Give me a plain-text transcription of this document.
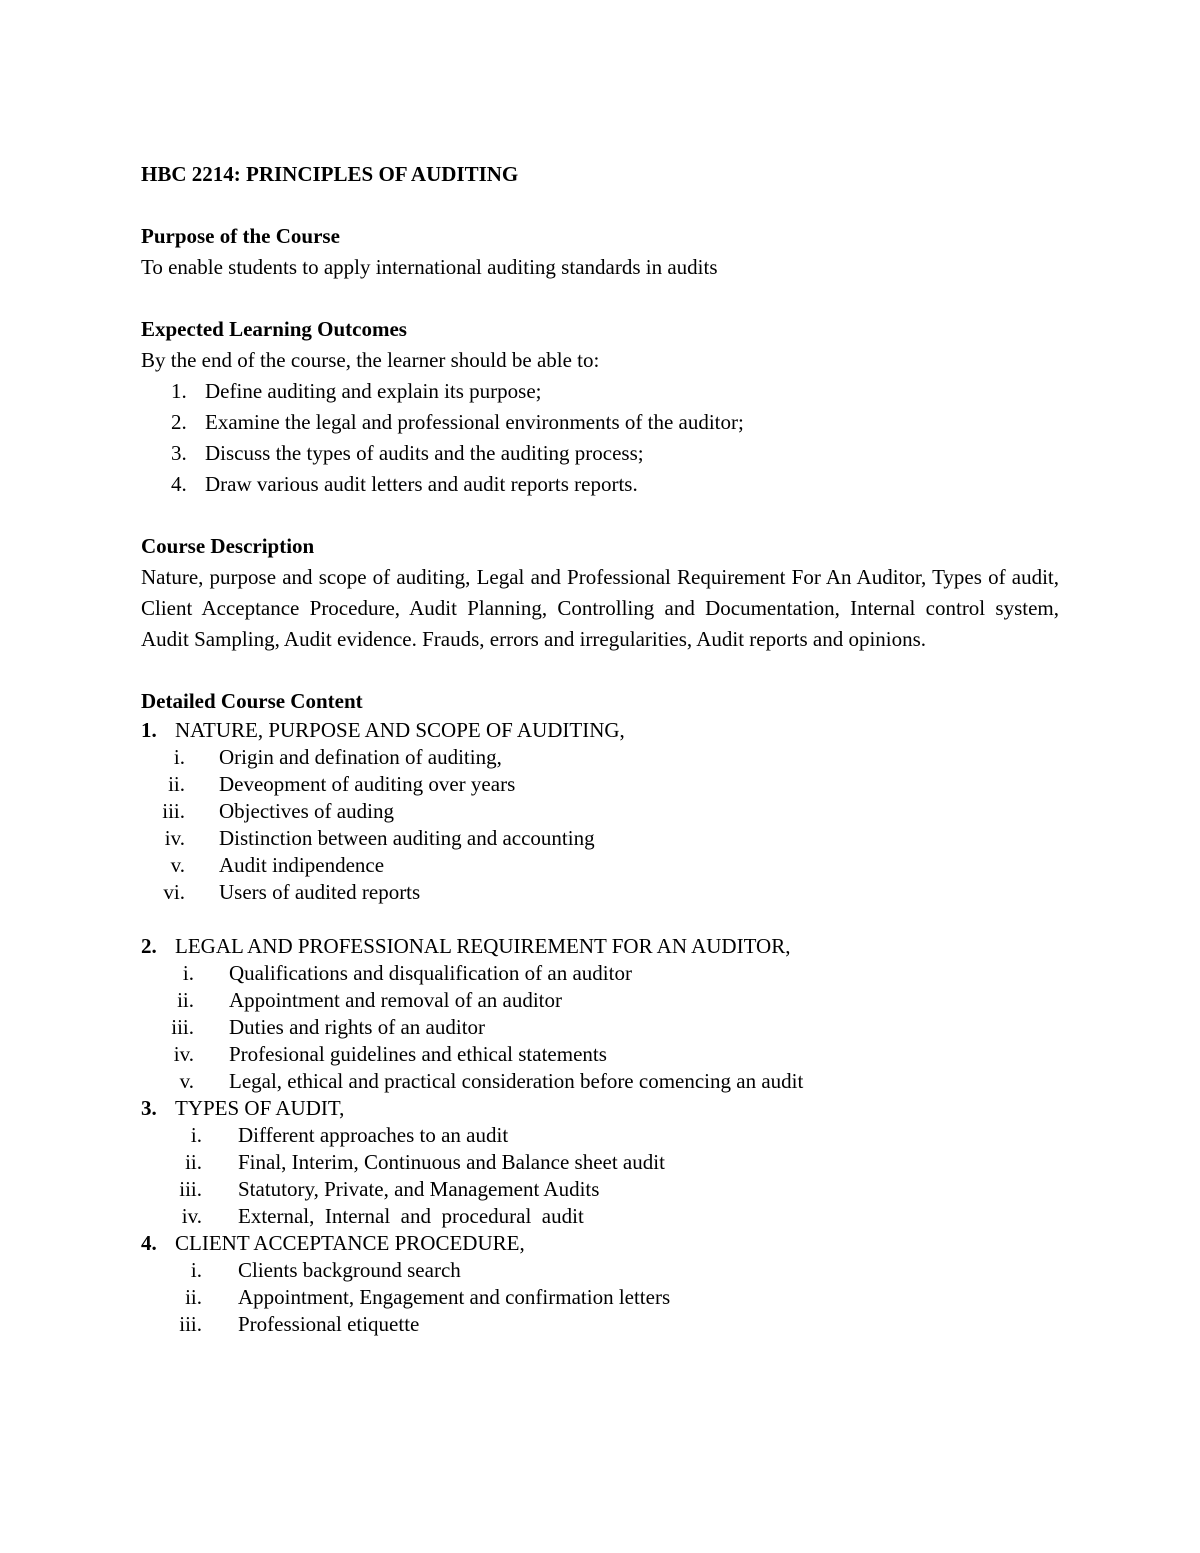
HBC 2214: PRINCIPLES OF AUDITING

Purpose of the Course

To enable students to apply international auditing standards in audits

Expected Learning Outcomes

By the end of the course, the learner should be able to:

1. Define auditing and explain its purpose;
2. Examine the legal and professional environments of the auditor;
3. Discuss the types of audits and the auditing process;
4. Draw various audit letters and audit reports reports.

Course Description

Nature, purpose and scope of auditing, Legal and Professional Requirement For An Auditor, Types of audit, Client Acceptance Procedure, Audit Planning, Controlling and Documentation, Internal control system, Audit Sampling, Audit evidence. Frauds, errors and irregularities, Audit reports and opinions.

Detailed Course Content

1. NATURE, PURPOSE AND SCOPE OF AUDITING,
i.	Origin and defination of auditing,
ii.	Deveopment of auditing over years
iii.	Objectives of auding
iv.	Distinction between auditing and accounting
v.	Audit indipendence
vi.	Users of audited reports
2. LEGAL AND PROFESSIONAL REQUIREMENT FOR AN AUDITOR,
i.	Qualifications and disqualification of an auditor
ii.	Appointment and removal of an auditor
iii.	Duties and rights of an auditor
iv.	Profesional guidelines and ethical statements
v.	Legal, ethical and practical consideration before comencing an audit
3. TYPES OF AUDIT,
i.	Different approaches to an audit
ii.	Final, Interim, Continuous and Balance sheet audit
iii.	Statutory, Private, and Management Audits
iv.	External,  Internal  and  procedural  audit
4. CLIENT ACCEPTANCE PROCEDURE,
i.	Clients background search
ii.	Appointment, Engagement and confirmation letters
iii.	Professional etiquette
